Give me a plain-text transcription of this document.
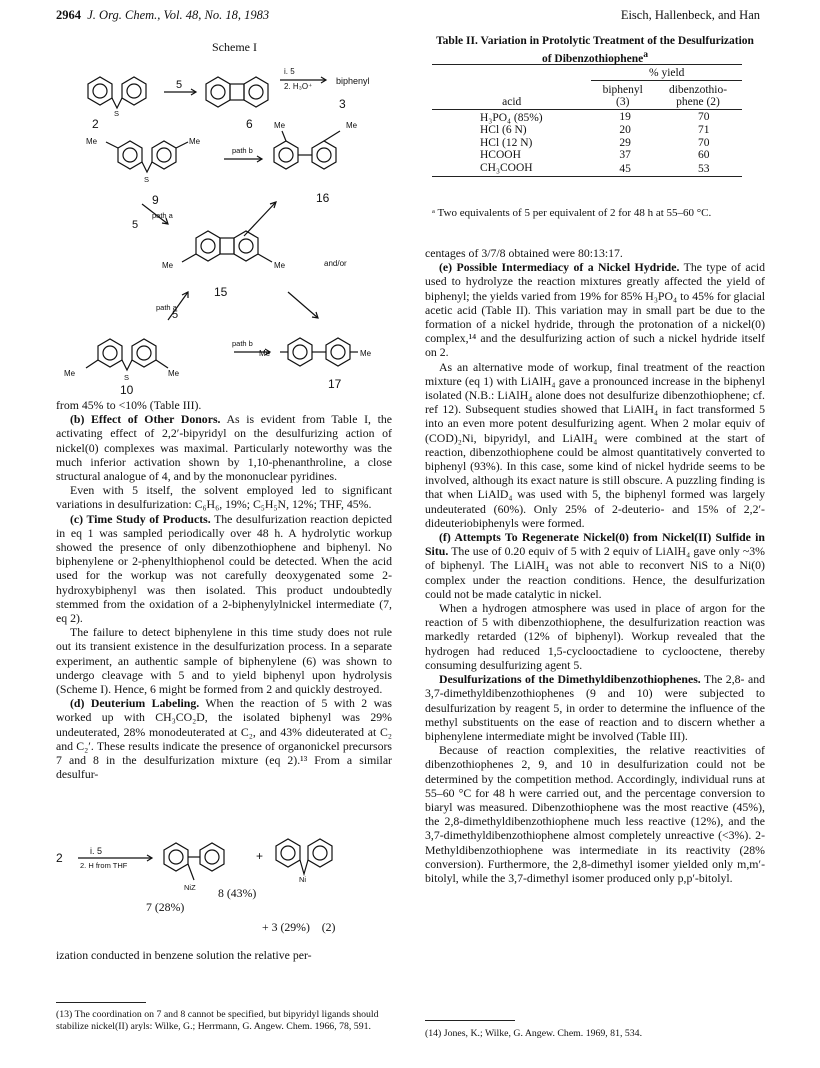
2964 J. Org. Chem., Vol. 48, No. 18, 1983	Eisch, Hallenbeck, and Han
Scheme I
S
2
5
6
i. 5
2. H₃O⁺
biphenyl
3
Me	Me
S
9
path b
Me	Me
16
path a
5
and/or
Me	Me
15
path a
5
path b
Me	Me
S
10
Me	Me
17

from 45% to <10% (Table III).

(b) Effect of Other Donors. As is evident from Table I, the activating effect of 2,2′-bipyridyl on the desulfurizing action of nickel(0) complexes was maximal. Particularly noteworthy was the much inferior activation shown by 1,10-phenanthroline, a close structural analogue of 4, and by the mononuclear pyridines.

Even with 5 itself, the solvent employed led to significant variations in desulfurization: C₆H₆, 19%; C₅H₅N, 12%; THF, 45%.

(c) Time Study of Products. The desulfurization reaction depicted in eq 1 was sampled periodically over 48 h. A hydrolytic workup showed the presence of only dibenzothiophene and biphenyl. No biphenylene or 2-phenylthiophenol could be detected. When the acid used for the workup was not carefully deoxygenated some 2-hydroxybiphenyl was then isolated. This product undoubtedly stemmed from the oxidation of a 2-biphenylylnickel intermediate (7, eq 2).

The failure to detect biphenylene in this time study does not rule out its transient existence in the desulfurization process. In a separate experiment, an authentic sample of biphenylene (6) was shown to undergo cleavage with 5 and to yield biphenyl upon hydrolysis (Scheme I). Hence, 6 might be formed from 2 and quickly destroyed.

(d) Deuterium Labeling. When the reaction of 5 with 2 was worked up with CH₃CO₂D, the isolated biphenyl was 29% undeuterated, 28% monodeuterated at C₂, and 43% dideuterated at C₂ and C₂′. These results indicate the presence of organonickel precursors 7 and 8 in the desulfurization mixture (eq 2).¹³ From a similar desulfur-

2	i. 5
2. H from THF
+
NiZ
Ni
8 (43%)
7 (28%)
+ 3 (29%) (2)

ization conducted in benzene solution the relative per-

(13) The coordination on 7 and 8 cannot be specified, but bipyridyl ligands should stabilize nickel(II) aryls: Wilke, G.; Herrmann, G. Angew. Chem. 1966, 78, 591.
Table II. Variation in Protolytic Treatment of the Desulfurization of Dibenzothiophene$^a$
	% yield	
	biphenyl	dibenzothio-
acid	(3)	phene (2)
H₃PO₄ (85%)	19	70
HCl (6 N)	20	71
HCl (12 N)	29	70
HCOOH	37	60
CH₃COOH	45	53
ᵃ Two equivalents of 5 per equivalent of 2 for 48 h at 55–60 °C.

centages of 3/7/8 obtained were 80:13:17.

(e) Possible Intermediacy of a Nickel Hydride. The type of acid used to hydrolyze the reaction mixtures greatly affected the yield of biphenyl; the yields varied from 19% for 85% H₃PO₄ to 45% for glacial acetic acid (Table II). This variation may in small part be due to the formation of a nickel hydride, through the protonation of a nickel(0) complex,¹⁴ and the desulfurizing action of such a nickel hydride itself on 2.

As an alternative mode of workup, final treatment of the reaction mixture (eq 1) with LiAlH₄ gave a pronounced increase in the biphenyl isolated (N.B.: LiAlH₄ alone does not desulfurize dibenzothiophene; cf. ref 12). Subsequent studies showed that LiAlH₄ in fact transformed 5 into an even more potent desulfurizing agent. When 2 molar equiv of (COD)₂Ni, bipyridyl, and LiAlH₄ were combined at the start of reaction, dibenzothiophene could be almost quantitatively converted to biphenyl (93%). In this case, some kind of nickel hydride seems to be involved, although its exact nature is still obscure. A puzzling finding is that when LiAlD₄ was used with 5, the biphenyl formed was largely undeuterated (60%). Only 25% of 2-deuterio- and 15% of 2,2′-dideuteriobiphenyls were formed.

(f) Attempts To Regenerate Nickel(0) from Nickel(II) Sulfide in Situ. The use of 0.20 equiv of 5 with 2 equiv of LiAlH₄ gave only ~3% of biphenyl. The LiAlH₄ was not able to reconvert NiS to a Ni(0) complex under the reaction conditions. Hence, the desulfurization could not be made catalytic in nickel.

When a hydrogen atmosphere was used in place of argon for the reaction of 5 with dibenzothiophene, the desulfurization reaction was markedly retarded (12% of biphenyl). Workup revealed that the hydrogen had reduced 1,5-cyclooctadiene to cyclooctene, thereby consuming desulfurizing agent 5.

Desulfurizations of the Dimethyldibenzothiophenes. The 2,8- and 3,7-dimethyldibenzothiophenes (9 and 10) were subjected to desulfurization by reagent 5, in order to determine the influence of the methyl substituents on the ease of reaction and to discern whether a biphenylene intermediate might be involved (Table III).

Because of reaction complexities, the relative reactivities of dibenzothiophenes 2, 9, and 10 in desulfurization could not be determined by the competition method. Accordingly, individual runs at 55–60 °C for 48 h were carried out, and the percentage conversion to biaryl was measured. Dibenzothiophene was the most reactive (45%), the 2,8-dimethyldibenzothiophene much less reactive (12%), and the 3,7-dimethyldibenzothiophene almost completely unreactive (<3%). 2-Methyldibenzothiophene was intermediate in its reactivity (28% conversion). Furthermore, the 2,8-dimethyl isomer yielded only m,m′-bitolyl, while the 3,7-dimethyl isomer produced only p,p′-bitolyl.

(14) Jones, K.; Wilke, G. Angew. Chem. 1969, 81, 534.
